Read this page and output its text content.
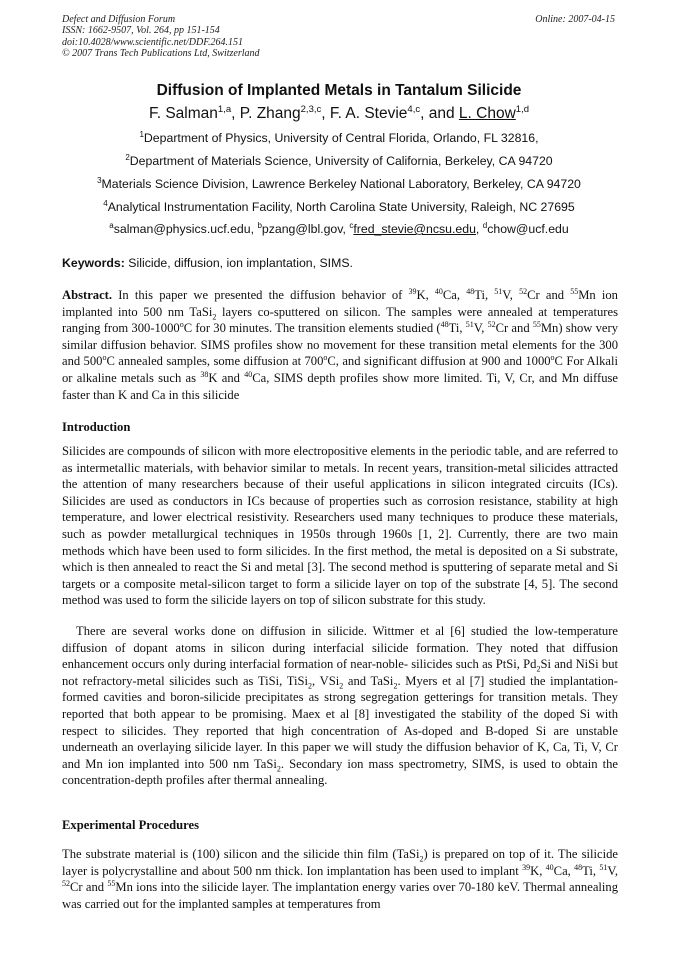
Defect and Diffusion Forum
ISSN: 1662-9507, Vol. 264, pp 151-154
doi:10.4028/www.scientific.net/DDF.264.151
© 2007 Trans Tech Publications Ltd, Switzerland
Online: 2007-04-15
Diffusion of Implanted Metals in Tantalum Silicide
F. Salman$^{1,a}$, P. Zhang$^{2,3,c}$, F. A. Stevie$^{4,c}$, and L. Chow$^{1,d}$
$^1$Department of Physics, University of Central Florida, Orlando, FL 32816,
$^2$Department of Materials Science, University of California, Berkeley, CA 94720
$^3$Materials Science Division, Lawrence Berkeley National Laboratory, Berkeley, CA 94720
$^4$Analytical Instrumentation Facility, North Carolina State University, Raleigh, NC 27695
$^a$salman@physics.ucf.edu, $^b$pzang@lbl.gov, $^c$fred_stevie@ncsu.edu, $^d$chow@ucf.edu
Keywords: Silicide, diffusion, ion implantation, SIMS.
Abstract. In this paper we presented the diffusion behavior of $^{39}$K, $^{40}$Ca, $^{48}$Ti, $^{51}$V, $^{52}$Cr and $^{55}$Mn ion implanted into 500 nm TaSi$_2$ layers co-sputtered on silicon. The samples were annealed at temperatures ranging from 300-1000$^o$C for 30 minutes. The transition elements studied ($^{48}$Ti, $^{51}$V, $^{52}$Cr and $^{55}$Mn) show very similar diffusion behavior. SIMS profiles show no movement for these transition metal elements for the 300 and 500$^o$C annealed samples, some diffusion at 700$^o$C, and significant diffusion at 900 and 1000$^o$C For Alkali or alkaline metals such as $^{38}$K and $^{40}$Ca, SIMS depth profiles show more limited. Ti, V, Cr, and Mn diffuse faster than K and Ca in this silicide
Introduction
Silicides are compounds of silicon with more electropositive elements in the periodic table, and are referred to as intermetallic materials, with behavior similar to metals. In recent years, transition-metal silicides attracted the attention of many researchers because of their useful applications in silicon integrated circuits (ICs). Silicides are used as conductors in ICs because of properties such as corrosion resistance, stability at high temperature, and lower electrical resistivity. Researchers used many techniques to produce these materials, such as powder metallurgical techniques in 1950s through 1960s [1, 2]. Currently, there are two main methods which have been used to form silicides. In the first method, the metal is deposited on a Si substrate, which is then annealed to react the Si and metal [3]. The second method is sputtering of separate metal and Si targets or a composite metal-silicon target to form a silicide layer on top of the substrate [4, 5]. The second method was used to form the silicide layers on top of silicon substrate for this study.
There are several works done on diffusion in silicide. Wittmer et al [6] studied the low-temperature diffusion of dopant atoms in silicon during interfacial silicide formation. They noted that diffusion enhancement occurs only during interfacial formation of near-noble- silicides such as PtSi, $Pd_2Si$ and NiSi but not refractory-metal silicides such as TiSi, TiSi$_2$, VSi$_2$ and TaSi$_2$. Myers et al [7] studied the implantation-formed cavities and boron-silicide precipitates as strong segregation getterings for transition metals. They reported that both appear to be promising. Maex et al [8] investigated the stability of the doped Si with respect to silicides. They reported that high concentration of As-doped and B-doped Si are unstable underneath an overlaying silicide layer. In this paper we will study the diffusion behavior of K, Ca, Ti, V, Cr and Mn ion implanted into 500 nm TaSi$_2$. Secondary ion mass spectrometry, SIMS, is used to obtain the concentration-depth profiles after thermal annealing.
Experimental Procedures
The substrate material is (100) silicon and the silicide thin film (TaSi$_2$) is prepared on top of it. The silicide layer is polycrystalline and about 500 nm thick. Ion implantation has been used to implant $^{39}$K, $^{40}$Ca, $^{48}$Ti, $^{51}$V, $^{52}$Cr and $^{55}$Mn ions into the silicide layer. The implantation energy varies over 70-180 keV. Thermal annealing was carried out for the implanted samples at temperatures from
